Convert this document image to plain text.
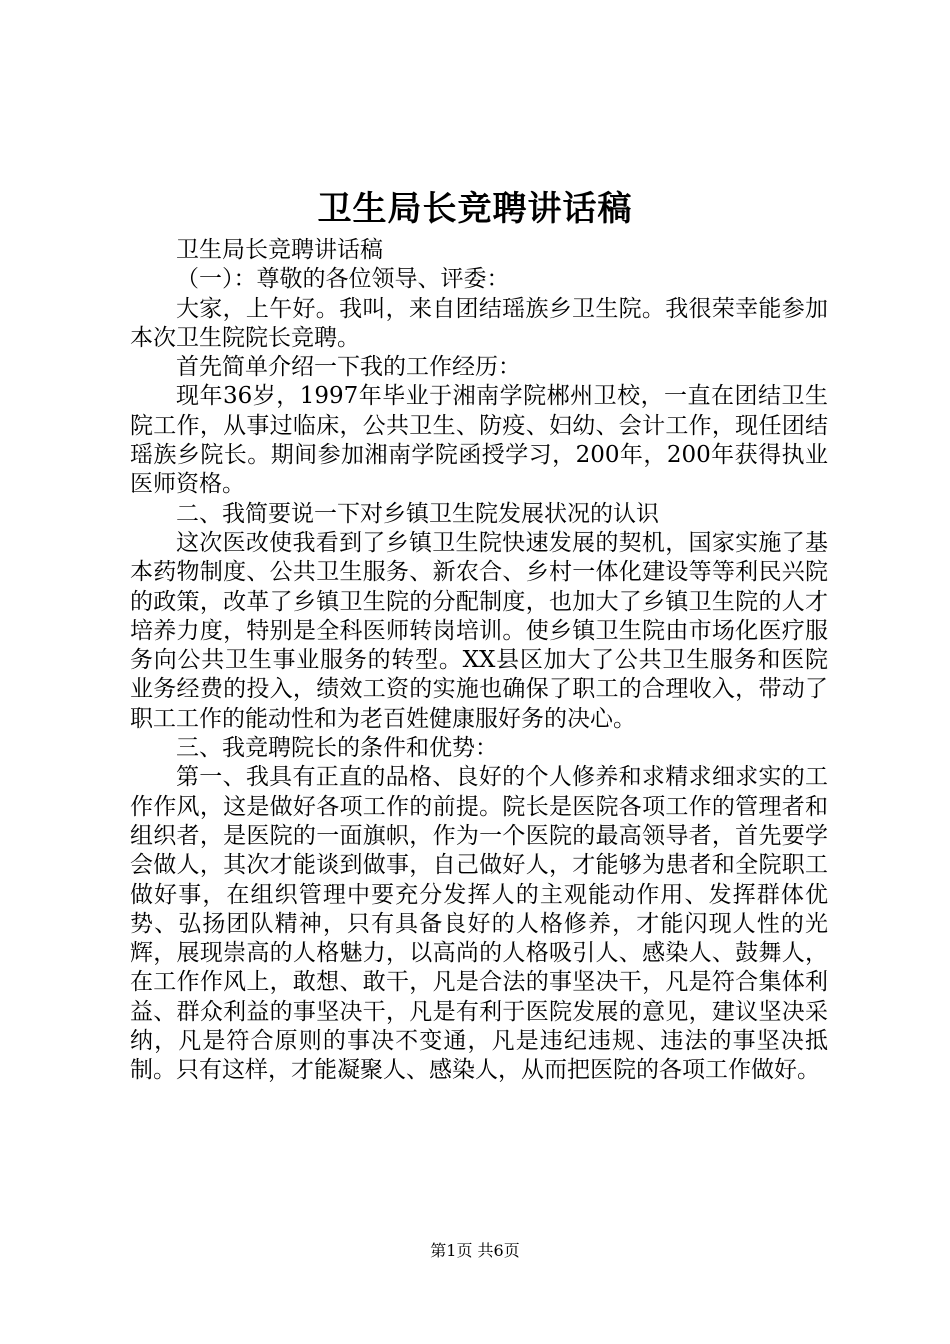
卫生局长竞聘讲话稿

卫生局长竞聘讲话稿

（一）：尊敬的各位领导、评委：

大家，上午好。我叫，来自团结瑶族乡卫生院。我很荣幸能参加本次卫生院院长竞聘。

首先简单介绍一下我的工作经历：

现年36岁，1997年毕业于湘南学院郴州卫校，一直在团结卫生院工作，从事过临床，公共卫生、防疫、妇幼、会计工作，现任团结瑶族乡院长。期间参加湘南学院函授学习，200年，200年获得执业医师资格。

二、我简要说一下对乡镇卫生院发展状况的认识

这次医改使我看到了乡镇卫生院快速发展的契机，国家实施了基本药物制度、公共卫生服务、新农合、乡村一体化建设等等利民兴院的政策，改革了乡镇卫生院的分配制度，也加大了乡镇卫生院的人才培养力度，特别是全科医师转岗培训。使乡镇卫生院由市场化医疗服务向公共卫生事业服务的转型。XX县区加大了公共卫生服务和医院业务经费的投入，绩效工资的实施也确保了职工的合理收入，带动了职工工作的能动性和为老百姓健康服好务的决心。

三、我竞聘院长的条件和优势：

第一、我具有正直的品格、良好的个人修养和求精求细求实的工作作风，这是做好各项工作的前提。院长是医院各项工作的管理者和组织者，是医院的一面旗帜，作为一个医院的最高领导者，首先要学会做人，其次才能谈到做事，自己做好人，才能够为患者和全院职工做好事，在组织管理中要充分发挥人的主观能动作用、发挥群体优势、弘扬团队精神，只有具备良好的人格修养，才能闪现人性的光辉，展现崇高的人格魅力，以高尚的人格吸引人、感染人、鼓舞人，在工作作风上，敢想、敢干，凡是合法的事坚决干，凡是符合集体利益、群众利益的事坚决干，凡是有利于医院发展的意见，建议坚决采纳，凡是符合原则的事决不变通，凡是违纪违规、违法的事坚决抵制。只有这样，才能凝聚人、感染人，从而把医院的各项工作做好。

第1页 共6页
